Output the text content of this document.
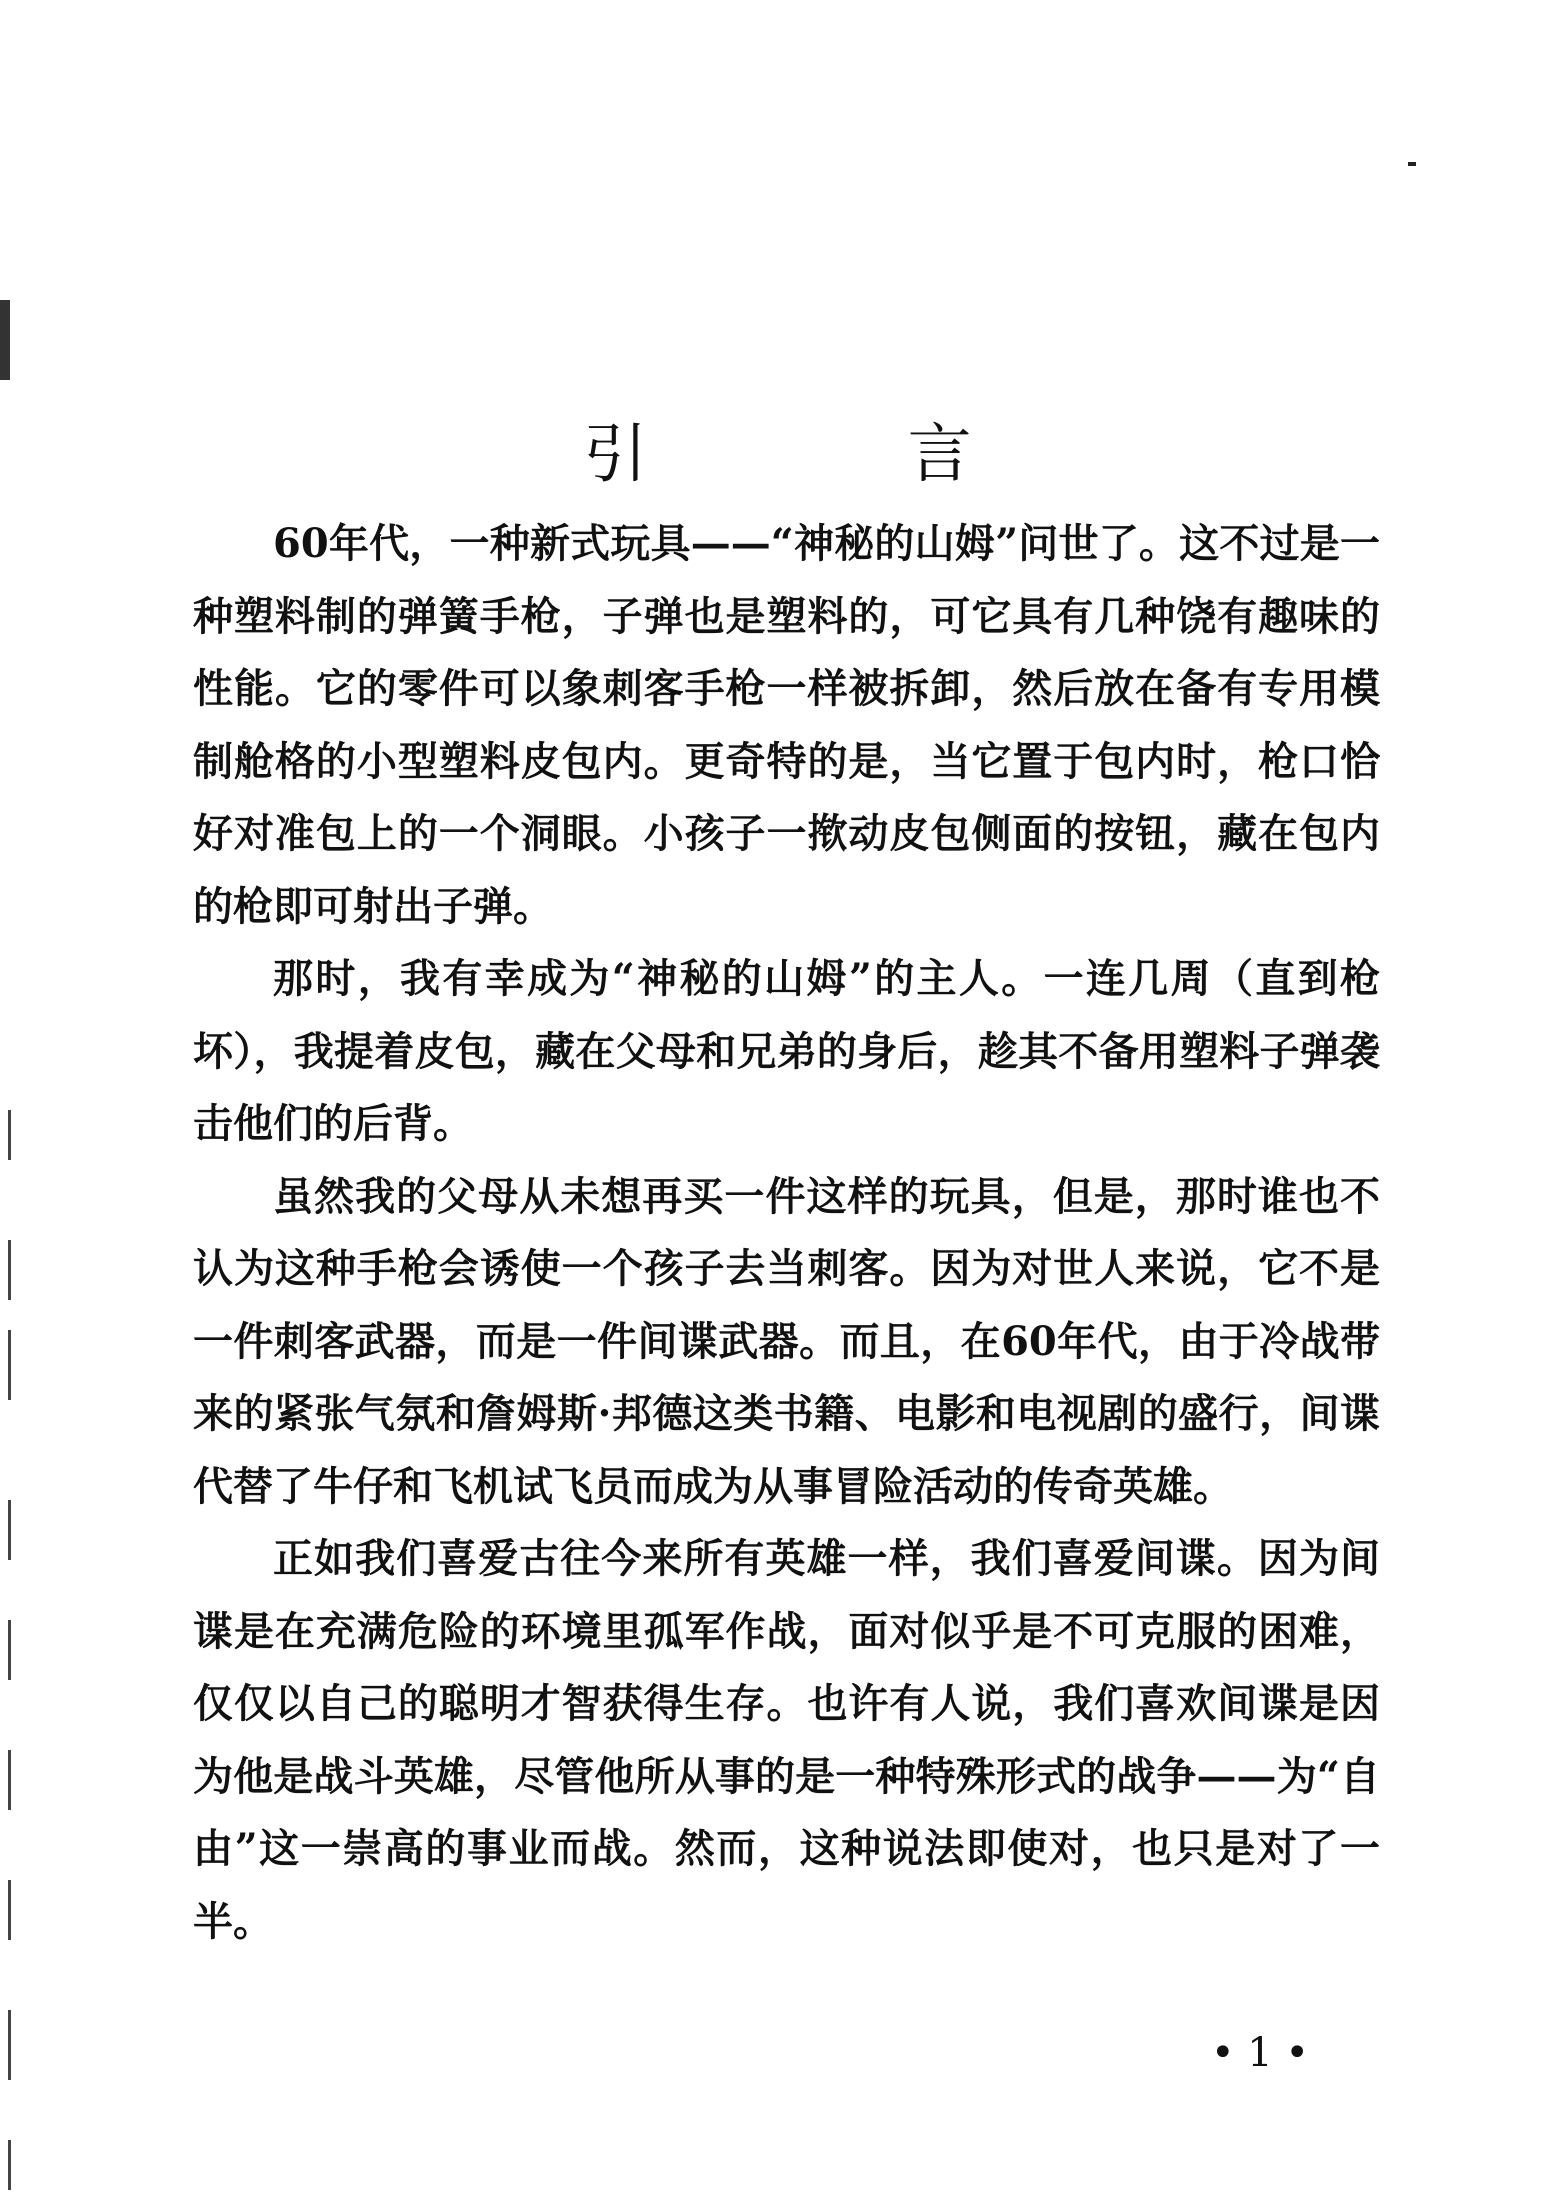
引 言

60年代，一种新式玩具——“神秘的山姆”问世了。这不过是一种塑料制的弹簧手枪，子弹也是塑料的，可它具有几种饶有趣味的性能。它的零件可以象刺客手枪一样被拆卸，然后放在备有专用模制舱格的小型塑料皮包内。更奇特的是，当它置于包内时，枪口恰好对准包上的一个洞眼。小孩子一揿动皮包侧面的按钮，藏在包内的枪即可射出子弹。

那时，我有幸成为“神秘的山姆”的主人。一连几周（直到枪坏），我提着皮包，藏在父母和兄弟的身后，趁其不备用塑料子弹袭击他们的后背。

虽然我的父母从未想再买一件这样的玩具，但是，那时谁也不认为这种手枪会诱使一个孩子去当刺客。因为对世人来说，它不是一件刺客武器，而是一件间谍武器。而且，在60年代，由于冷战带来的紧张气氛和詹姆斯·邦德这类书籍、电影和电视剧的盛行，间谍代替了牛仔和飞机试飞员而成为从事冒险活动的传奇英雄。

正如我们喜爱古往今来所有英雄一样，我们喜爱间谍。因为间谍是在充满危险的环境里孤军作战，面对似乎是不可克服的困难，仅仅以自己的聪明才智获得生存。也许有人说，我们喜欢间谍是因为他是战斗英雄，尽管他所从事的是一种特殊形式的战争——为“自由”这一崇高的事业而战。然而，这种说法即使对，也只是对了一半。

• 1 •
